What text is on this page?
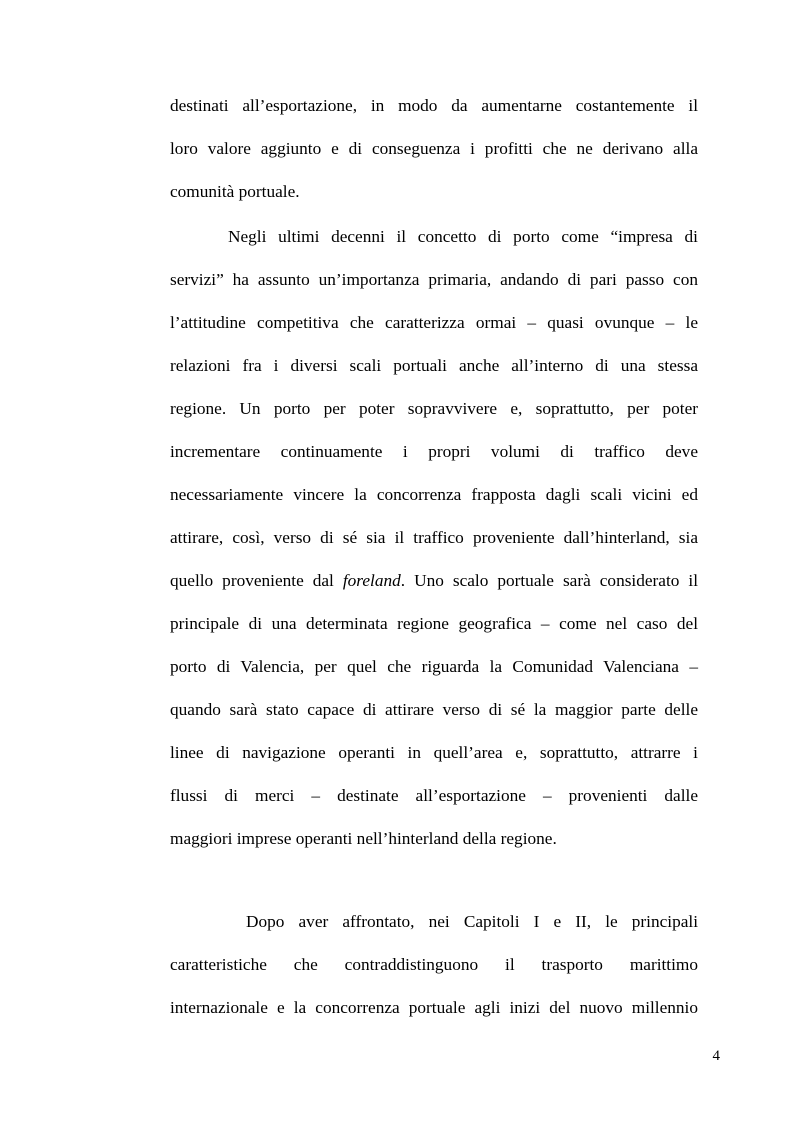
destinati all’esportazione, in modo da aumentarne costantemente il
loro valore aggiunto e di conseguenza i profitti che ne derivano alla
comunità portuale.
Negli ultimi decenni il concetto di porto come “impresa di
servizi” ha assunto un’importanza primaria, andando di pari passo con
l’attitudine competitiva che caratterizza ormai – quasi ovunque – le
relazioni fra i diversi scali portuali anche all’interno di una stessa
regione. Un porto per poter sopravvivere e, soprattutto, per poter
incrementare continuamente i propri volumi di traffico deve
necessariamente vincere la concorrenza frapposta dagli scali vicini ed
attirare, così, verso di sé sia il traffico proveniente dall’hinterland, sia
quello proveniente dal foreland. Uno scalo portuale sarà considerato il
principale di una determinata regione geografica – come nel caso del
porto di Valencia, per quel che riguarda la Comunidad Valenciana –
quando sarà stato capace di attirare verso di sé la maggior parte delle
linee di navigazione operanti in quell’area e, soprattutto, attrarre i
flussi di merci – destinate all’esportazione – provenienti dalle
maggiori imprese operanti nell’hinterland della regione.
Dopo aver affrontato, nei Capitoli I e II, le principali
caratteristiche che contraddistinguono il trasporto marittimo
internazionale e la concorrenza portuale agli inizi del nuovo millennio
4
